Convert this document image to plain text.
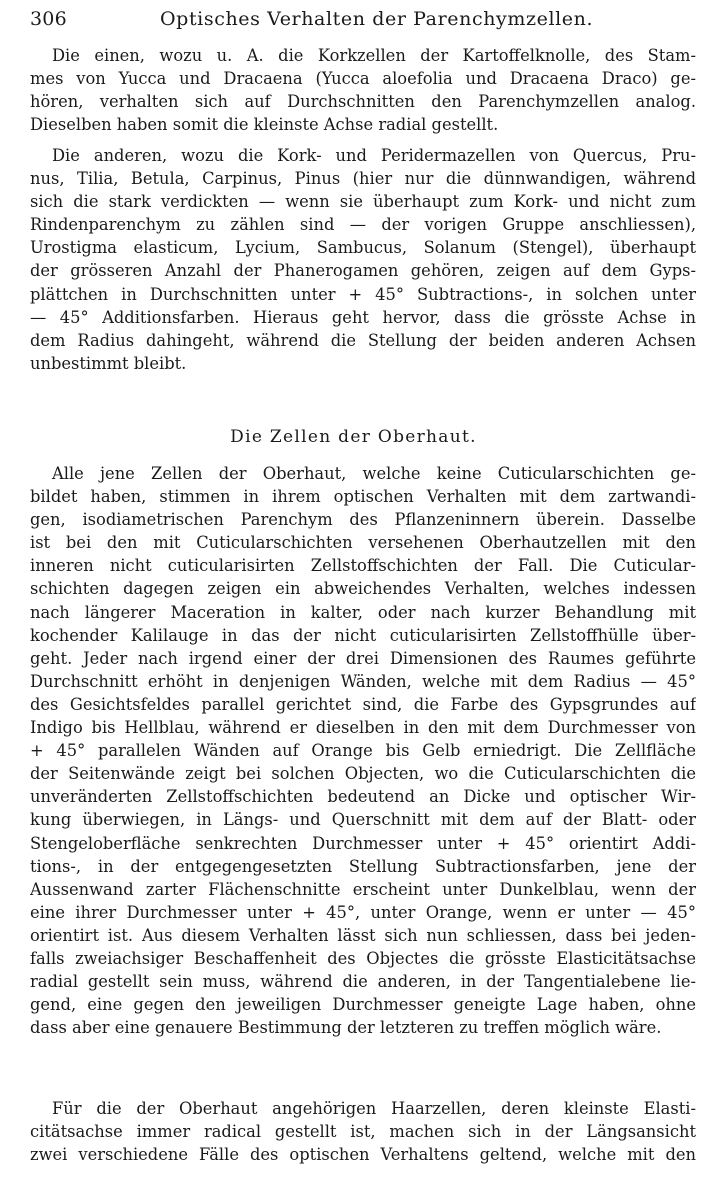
306	Optisches Verhalten der Parenchymzellen.
Die einen, wozu u. A. die Korkzellen der Kartoffelknolle, des Stam-
mes von Yucca und Dracaena (Yucca aloefolia und Dracaena Draco) ge-
hören, verhalten sich auf Durchschnitten den Parenchymzellen analog.
Dieselben haben somit die kleinste Achse radial gestellt.
Die anderen, wozu die Kork- und Peridermazellen von Quercus, Pru-
nus, Tilia, Betula, Carpinus, Pinus (hier nur die dünnwandigen, während
sich die stark verdickten — wenn sie überhaupt zum Kork- und nicht zum
Rindenparenchym zu zählen sind — der vorigen Gruppe anschliessen),
Urostigma elasticum, Lycium, Sambucus, Solanum (Stengel), überhaupt
der grösseren Anzahl der Phanerogamen gehören, zeigen auf dem Gyps-
plättchen in Durchschnitten unter + 45° Subtractions-, in solchen unter
— 45° Additionsfarben. Hieraus geht hervor, dass die grösste Achse in
dem Radius dahingeht, während die Stellung der beiden anderen Achsen
unbestimmt bleibt.
Die Zellen der Oberhaut.
Alle jene Zellen der Oberhaut, welche keine Cuticularschichten ge-
bildet haben, stimmen in ihrem optischen Verhalten mit dem zartwandi-
gen, isodiametrischen Parenchym des Pflanzeninnern überein. Dasselbe
ist bei den mit Cuticularschichten versehenen Oberhautzellen mit den
inneren nicht cuticularisirten Zellstoffschichten der Fall. Die Cuticular-
schichten dagegen zeigen ein abweichendes Verhalten, welches indessen
nach längerer Maceration in kalter, oder nach kurzer Behandlung mit
kochender Kalilauge in das der nicht cuticularisirten Zellstoffhülle über-
geht. Jeder nach irgend einer der drei Dimensionen des Raumes geführte
Durchschnitt erhöht in denjenigen Wänden, welche mit dem Radius — 45°
des Gesichtsfeldes parallel gerichtet sind, die Farbe des Gypsgrundes auf
Indigo bis Hellblau, während er dieselben in den mit dem Durchmesser von
+ 45° parallelen Wänden auf Orange bis Gelb erniedrigt. Die Zellfläche
der Seitenwände zeigt bei solchen Objecten, wo die Cuticularschichten die
unveränderten Zellstoffschichten bedeutend an Dicke und optischer Wir-
kung überwiegen, in Längs- und Querschnitt mit dem auf der Blatt- oder
Stengeloberfläche senkrechten Durchmesser unter + 45° orientirt Addi-
tions-, in der entgegengesetzten Stellung Subtractionsfarben, jene der
Aussenwand zarter Flächenschnitte erscheint unter Dunkelblau, wenn der
eine ihrer Durchmesser unter + 45°, unter Orange, wenn er unter — 45°
orientirt ist. Aus diesem Verhalten lässt sich nun schliessen, dass bei jeden-
falls zweiachsiger Beschaffenheit des Objectes die grösste Elasticitätsachse
radial gestellt sein muss, während die anderen, in der Tangentialebene lie-
gend, eine gegen den jeweiligen Durchmesser geneigte Lage haben, ohne
dass aber eine genauere Bestimmung der letzteren zu treffen möglich wäre.
Für die der Oberhaut angehörigen Haarzellen, deren kleinste Elasti-
citätsachse immer radical gestellt ist, machen sich in der Längsansicht
zwei verschiedene Fälle des optischen Verhaltens geltend, welche mit den
